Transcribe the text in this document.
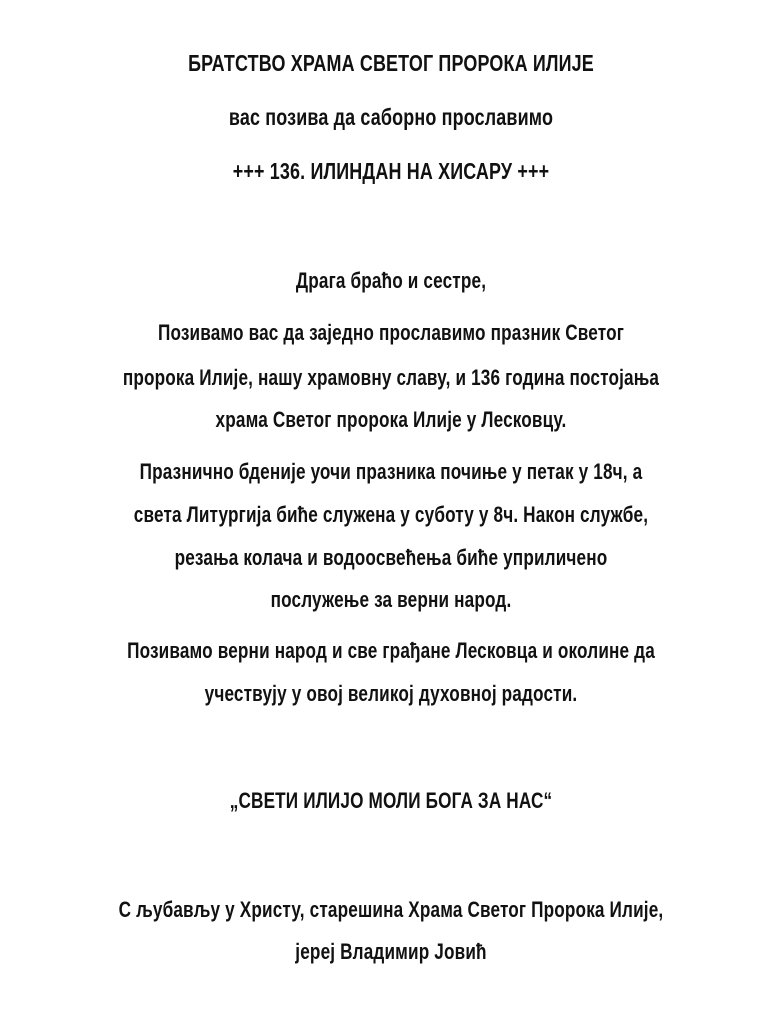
БРАТСТВО ХРАМА СВЕТОГ ПРОРОКА ИЛИЈЕ
вас позива да саборно прославимо
+++ 136. ИЛИНДАН НА ХИСАРУ +++
Драга браћо и сестре,
Позивамо вас да заједно прославимо празник Светог
пророка Илије, нашу храмовну славу, и 136 година постојања
храма Светог пророка Илије у Лесковцу.
Празнично бденије уочи празника почиње у петак у 18ч, а
света Литургија биће служена у суботу у 8ч. Након службе,
резања колача и водоосвећења биће уприличено
послужење за верни народ.
Позивамо верни народ и све грађане Лесковца и околине да
учествују у овој великој духовној радости.
„СВЕТИ ИЛИЈО МОЛИ БОГА ЗА НАС“
С љубављу у Христу, старешина Храма Светог Пророка Илије,
јереј Владимир Јовић
